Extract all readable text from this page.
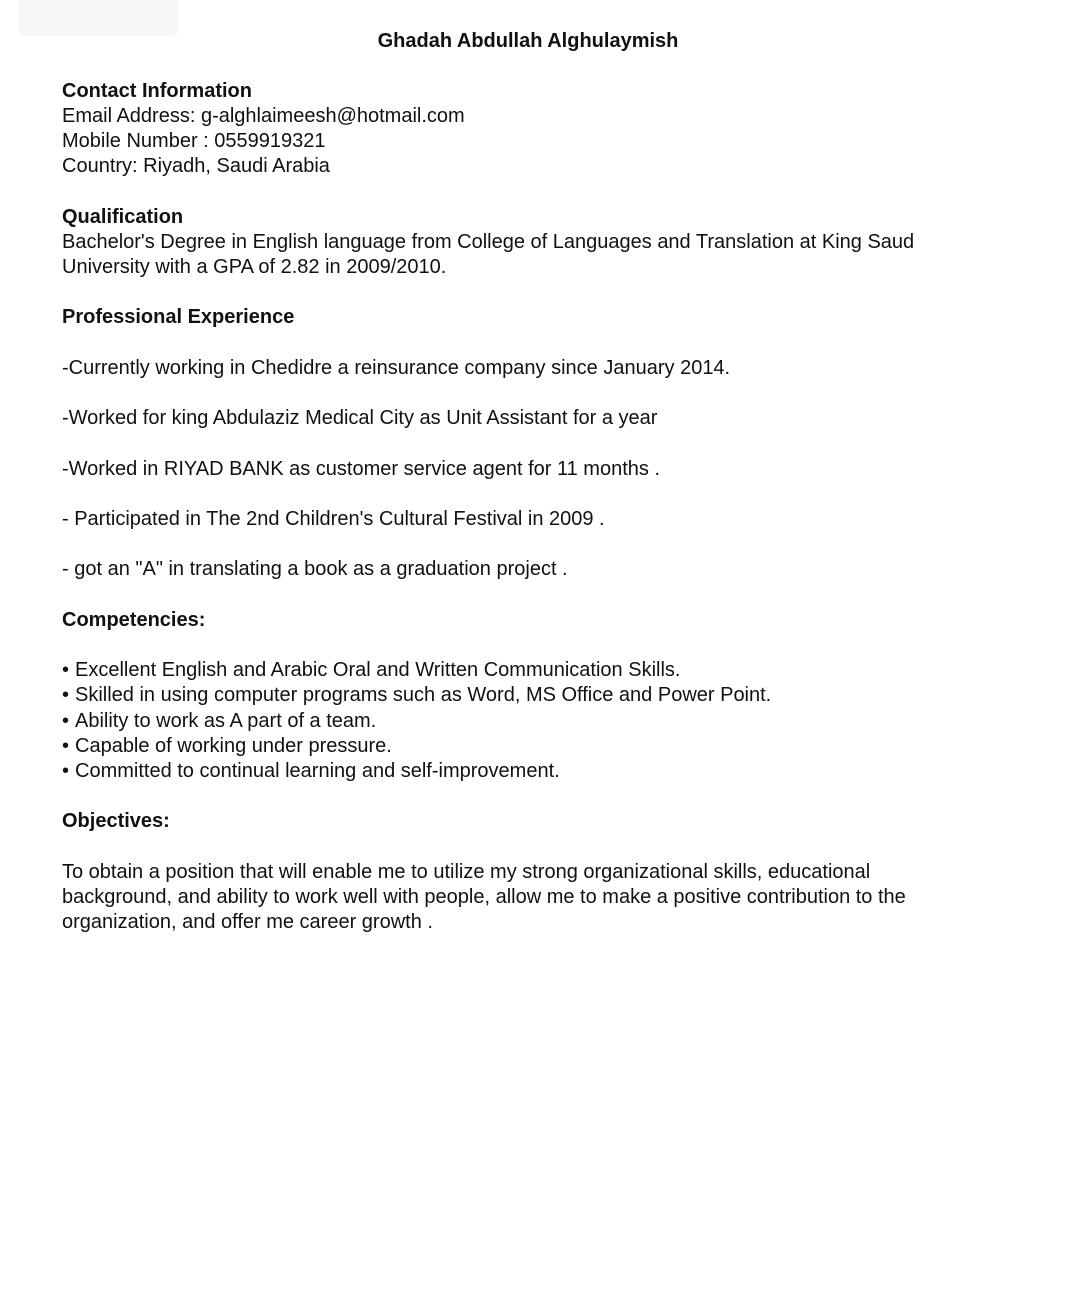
Ghadah Abdullah Alghulaymish
Contact Information
Email Address: g-alghlaimeesh@hotmail.com
Mobile Number : 0559919321
Country: Riyadh, Saudi Arabia
Qualification
Bachelor's Degree in English language from College of Languages and Translation at King Saud University with a GPA of 2.82 in 2009/2010.
Professional Experience
-Currently working in Chedidre a reinsurance company since January 2014.
-Worked for king Abdulaziz Medical City as Unit Assistant for a year
-Worked in RIYAD BANK as customer service agent for 11 months .
- Participated in The 2nd Children's Cultural Festival in 2009 .
- got an "A" in translating a book as a graduation project .
Competencies:
• Excellent English and Arabic Oral and Written Communication Skills.
• Skilled in using computer programs such as Word, MS Office and Power Point.
• Ability to work as A part of a team.
• Capable of working under pressure.
• Committed to continual learning and self-improvement.
Objectives:
To obtain a position that will enable me to utilize my strong organizational skills, educational background, and ability to work well with people, allow me to make a positive contribution to the organization, and offer me career growth .
